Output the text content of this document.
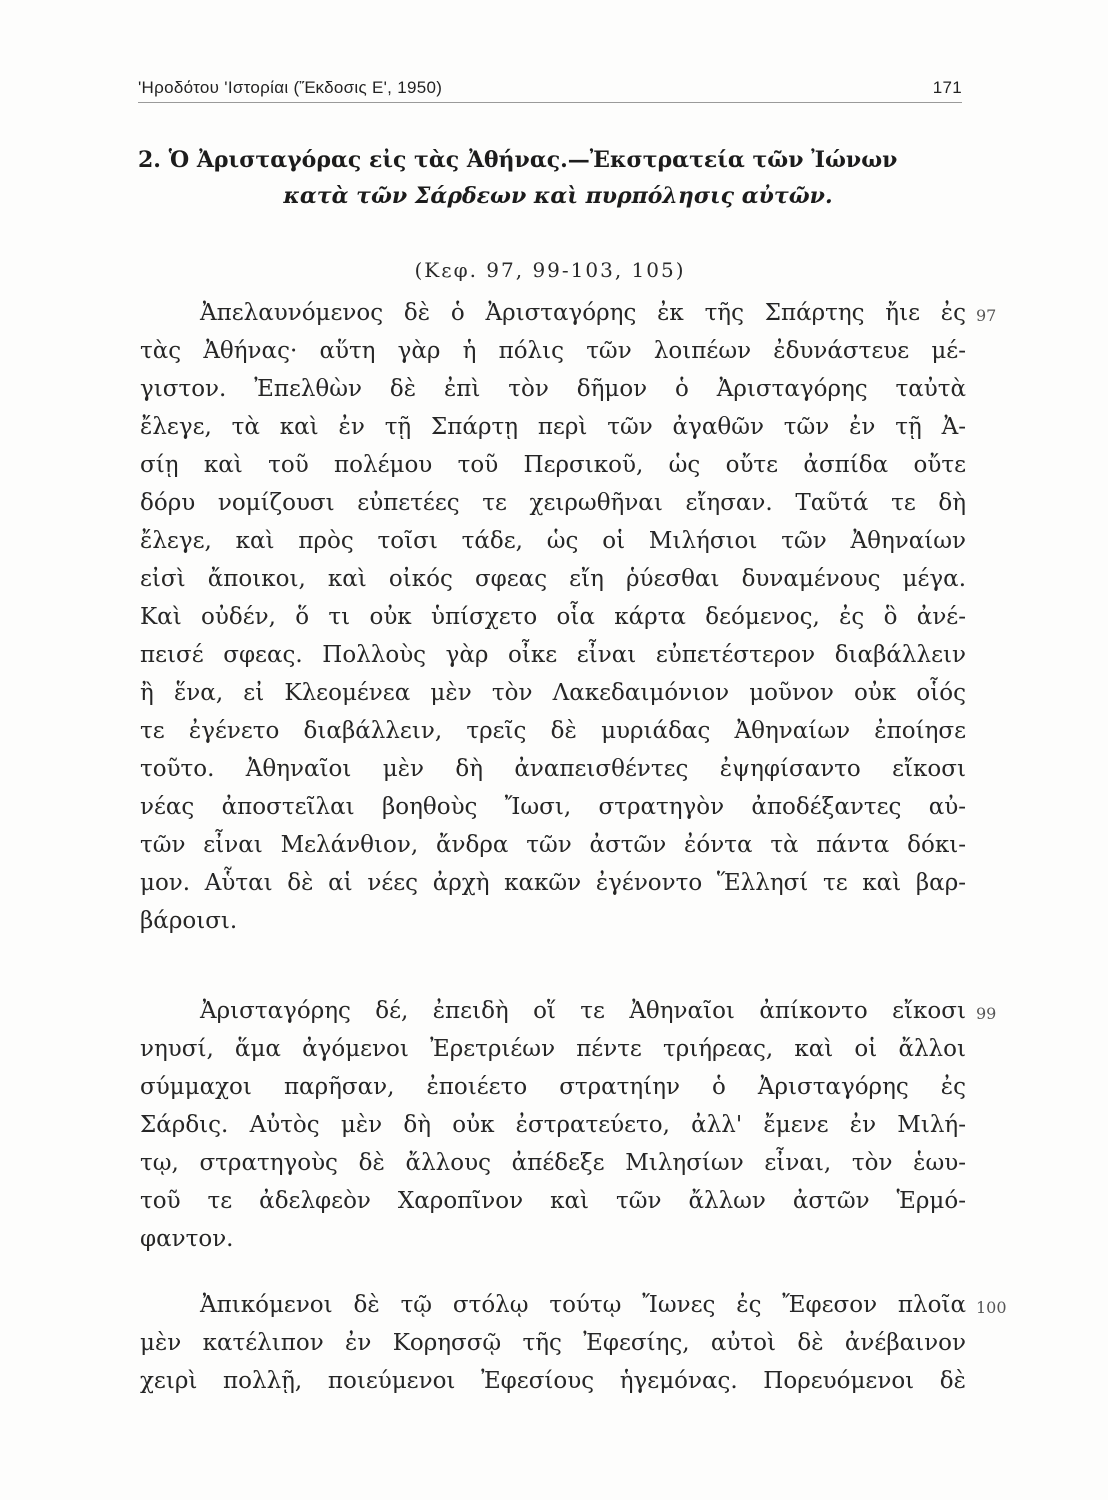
'Ηροδότου 'Ιστορίαι (Ἔκδοσις Ε', 1950)	171
2. Ὁ Ἀρισταγόρας εἰς τὰς Ἀθήνας.—Ἐκστρατεία τῶν Ἰώνων
κατὰ τῶν Σάρδεων καὶ πυρπόλησις αὐτῶν.
(Κεφ. 97, 99-103, 105)
Ἀπελαυνόμενος δὲ ὁ Ἀρισταγόρης ἐκ τῆς Σπάρτης ἤιε ἐς
τὰς Ἀθήνας· αὕτη γὰρ ἡ πόλις τῶν λοιπέων ἐδυνάστευε μέ-
γιστον. Ἐπελθὼν δὲ ἐπὶ τὸν δῆμον ὁ Ἀρισταγόρης ταὐτὰ
ἔλεγε, τὰ καὶ ἐν τῇ Σπάρτῃ περὶ τῶν ἀγαθῶν τῶν ἐν τῇ Ἀ-
σίῃ καὶ τοῦ πολέμου τοῦ Περσικοῦ, ὡς οὔτε ἀσπίδα οὔτε
δόρυ νομίζουσι εὐπετέες τε χειρωθῆναι εἴησαν. Ταῦτά τε δὴ
ἔλεγε, καὶ πρὸς τοῖσι τάδε, ὡς οἱ Μιλήσιοι τῶν Ἀθηναίων
εἰσὶ ἄποικοι, καὶ οἰκός σφεας εἴη ῥύεσθαι δυναμένους μέγα.
Καὶ οὐδέν, ὅ τι οὐκ ὑπίσχετο οἷα κάρτα δεόμενος, ἐς ὃ ἀνέ-
πεισέ σφεας. Πολλοὺς γὰρ οἶκε εἶναι εὐπετέστερον διαβάλλειν
ἢ ἕνα, εἰ Κλεομένεα μὲν τὸν Λακεδαιμόνιον μοῦνον οὐκ οἷός
τε ἐγένετο διαβάλλειν, τρεῖς δὲ μυριάδας Ἀθηναίων ἐποίησε
τοῦτο. Ἀθηναῖοι μὲν δὴ ἀναπεισθέντες ἐψηφίσαντο εἴκοσι
νέας ἀποστεῖλαι βοηθοὺς Ἴωσι, στρατηγὸν ἀποδέξαντες αὐ-
τῶν εἶναι Μελάνθιον, ἄνδρα τῶν ἀστῶν ἐόντα τὰ πάντα δόκι-
μον. Αὗται δὲ αἱ νέες ἀρχὴ κακῶν ἐγένοντο Ἕλλησί τε καὶ βαρ-
βάροισι.
Ἀρισταγόρης δέ, ἐπειδὴ οἵ τε Ἀθηναῖοι ἀπίκοντο εἴκοσι
νηυσί, ἅμα ἀγόμενοι Ἐρετριέων πέντε τριήρεας, καὶ οἱ ἄλλοι
σύμμαχοι παρῆσαν, ἐποιέετο στρατηίην ὁ Ἀρισταγόρης ἐς
Σάρδις. Αὐτὸς μὲν δὴ οὐκ ἐστρατεύετο, ἀλλ' ἔμενε ἐν Μιλή-
τῳ, στρατηγοὺς δὲ ἄλλους ἀπέδεξε Μιλησίων εἶναι, τὸν ἑωυ-
τοῦ τε ἀδελφεὸν Χαροπῖνον καὶ τῶν ἄλλων ἀστῶν Ἑρμό-
φαντον.
Ἀπικόμενοι δὲ τῷ στόλῳ τούτῳ Ἴωνες ἐς Ἔφεσον πλοῖα
μὲν κατέλιπον ἐν Κορησσῷ τῆς Ἐφεσίης, αὐτοὶ δὲ ἀνέβαινον
χειρὶ πολλῇ, ποιεύμενοι Ἐφεσίους ἡγεμόνας. Πορευόμενοι δὲ
97
99
100
